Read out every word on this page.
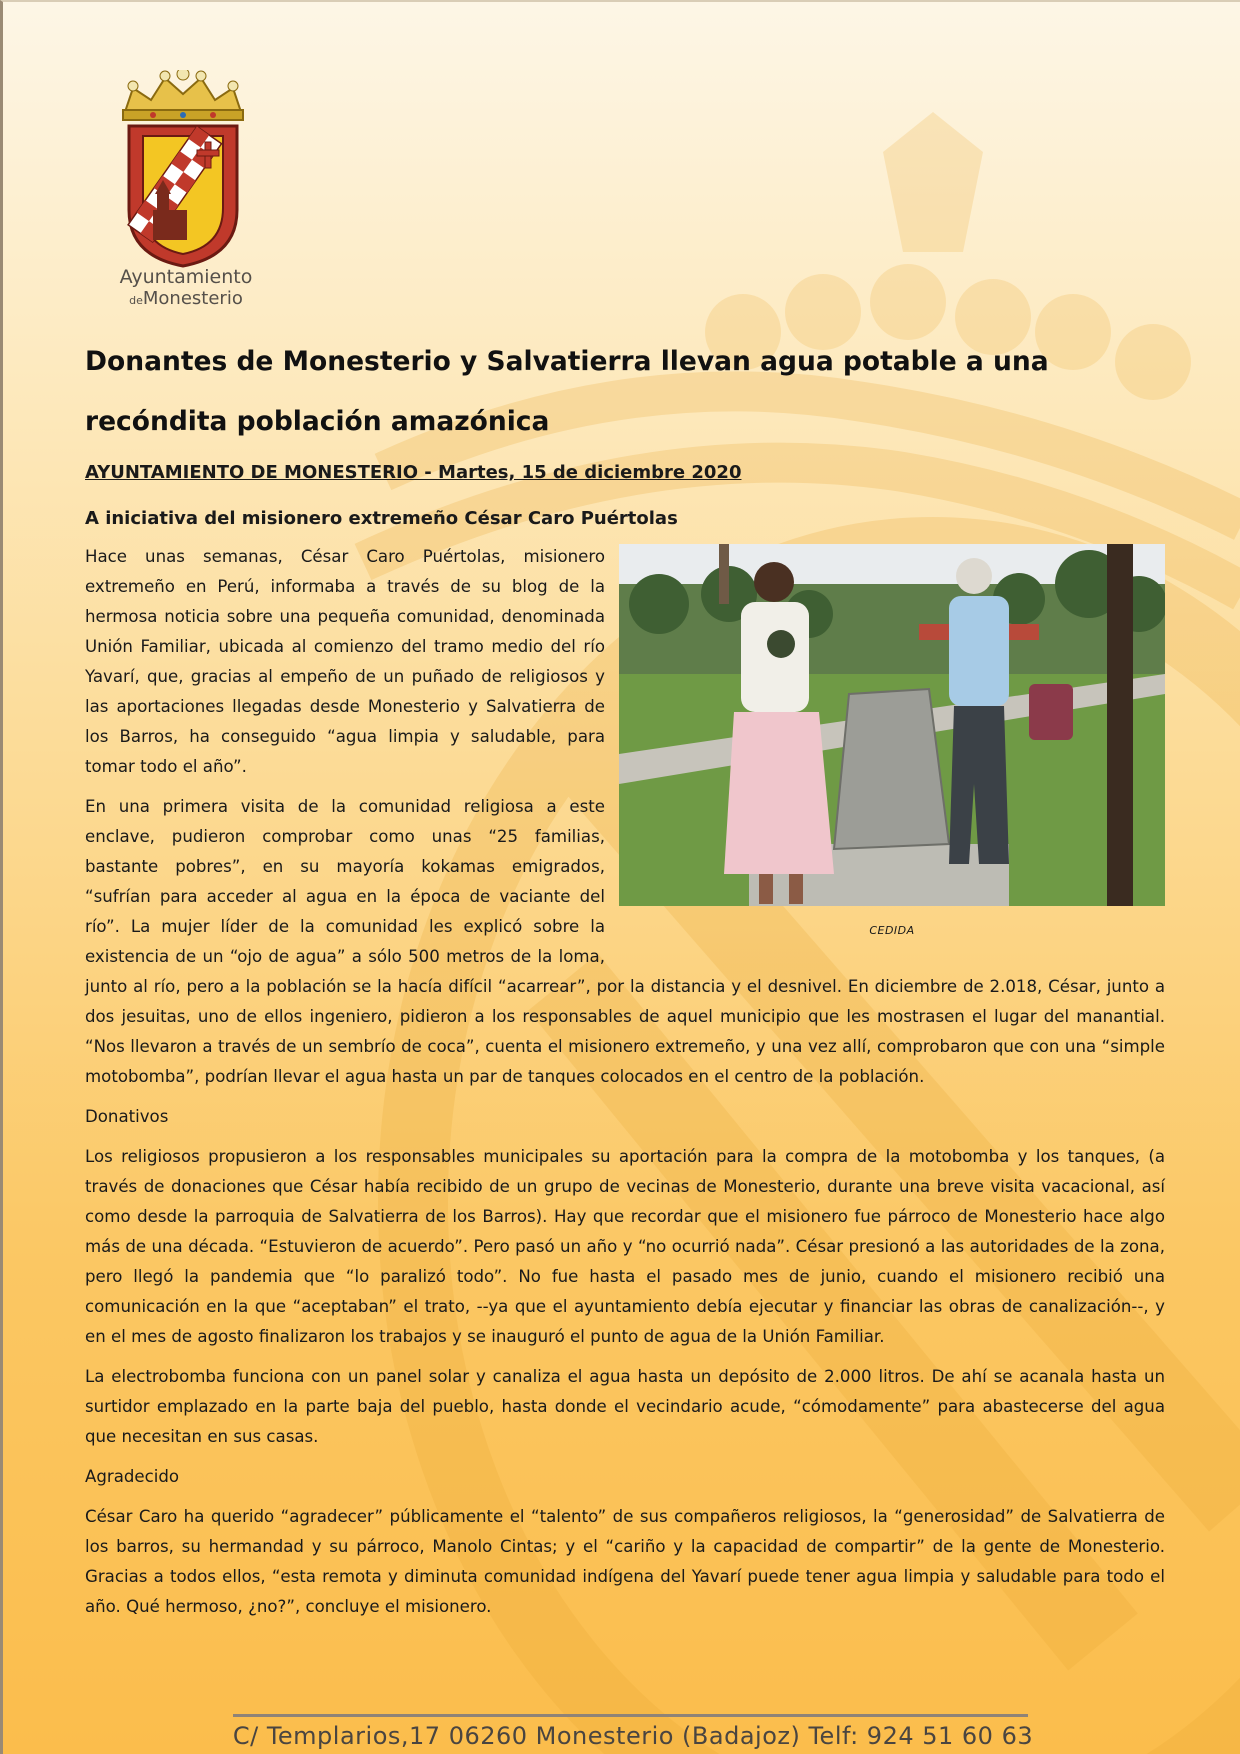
Ayuntamiento
deMonesterio
Donantes de Monesterio y Salvatierra llevan agua potable a una recóndita población amazónica
AYUNTAMIENTO DE MONESTERIO - Martes, 15 de diciembre 2020
A iniciativa del misionero extremeño César Caro Puértolas
CEDIDA

Hace unas semanas, César Caro Puértolas, misionero extremeño en Perú, informaba a través de su blog de la hermosa noticia sobre una pequeña comunidad, denominada Unión Familiar, ubicada al comienzo del tramo medio del río Yavarí, que, gracias al empeño de un puñado de religiosos y las aportaciones llegadas desde Monesterio y Salvatierra de los Barros, ha conseguido “agua limpia y saludable, para tomar todo el año”.

En una primera visita de la comunidad religiosa a este enclave, pudieron comprobar como unas “25 familias, bastante pobres”, en su mayoría kokamas emigrados, “sufrían para acceder al agua en la época de vaciante del río”. La mujer líder de la comunidad les explicó sobre la existencia de un “ojo de agua” a sólo 500 metros de la loma, junto al río, pero a la población se la hacía difícil “acarrear”, por la distancia y el desnivel. En diciembre de 2.018, César, junto a dos jesuitas, uno de ellos ingeniero, pidieron a los responsables de aquel municipio que les mostrasen el lugar del manantial. “Nos llevaron a través de un sembrío de coca”, cuenta el misionero extremeño, y una vez allí, comprobaron que con una “simple motobomba”, podrían llevar el agua hasta un par de tanques colocados en el centro de la población.

Donativos

Los religiosos propusieron a los responsables municipales su aportación para la compra de la motobomba y los tanques, (a través de donaciones que César había recibido de un grupo de vecinas de Monesterio, durante una breve visita vacacional, así como desde la parroquia de Salvatierra de los Barros). Hay que recordar que el misionero fue párroco de Monesterio hace algo más de una década. “Estuvieron de acuerdo”. Pero pasó un año y “no ocurrió nada”. César presionó a las autoridades de la zona, pero llegó la pandemia que “lo paralizó todo”. No fue hasta el pasado mes de junio, cuando el misionero recibió una comunicación en la que “aceptaban” el trato, --ya que el ayuntamiento debía ejecutar y financiar las obras de canalización--, y en el mes de agosto finalizaron los trabajos y se inauguró el punto de agua de la Unión Familiar.

La electrobomba funciona con un panel solar y canaliza el agua hasta un depósito de 2.000 litros. De ahí se acanala hasta un surtidor emplazado en la parte baja del pueblo, hasta donde el vecindario acude, “cómodamente” para abastecerse del agua que necesitan en sus casas.

Agradecido

César Caro ha querido “agradecer” públicamente el “talento” de sus compañeros religiosos, la “generosidad” de Salvatierra de los barros, su hermandad y su párroco, Manolo Cintas; y el “cariño y la capacidad de compartir” de la gente de Monesterio. Gracias a todos ellos, “esta remota y diminuta comunidad indígena del Yavarí puede tener agua limpia y saludable para todo el año. Qué hermoso, ¿no?”, concluye el misionero.

C/ Templarios,17 06260 Monesterio (Badajoz) Telf: 924 51 60 63
